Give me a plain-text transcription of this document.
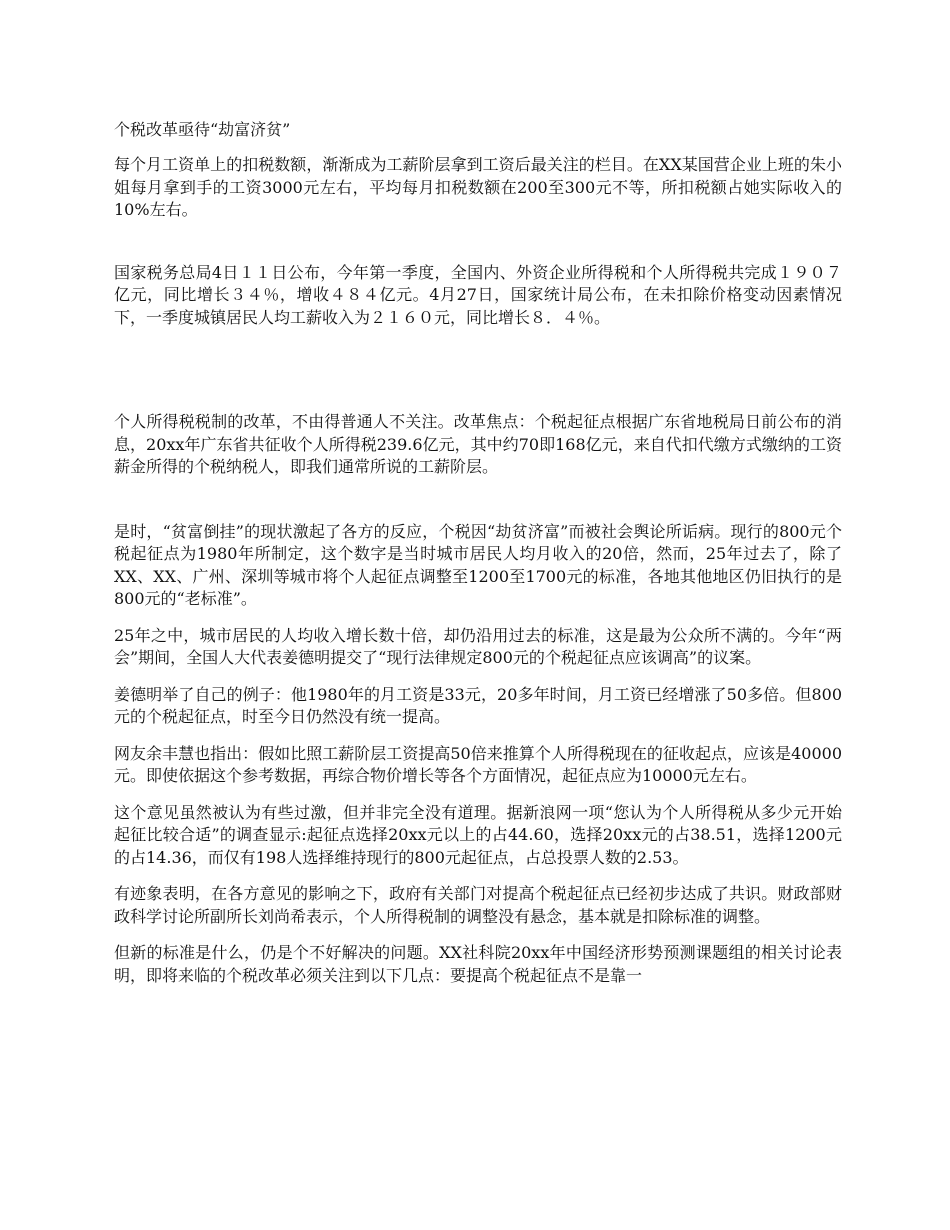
个税改革亟待“劫富济贫”

每个月工资单上的扣税数额，渐渐成为工薪阶层拿到工资后最关注的栏目。在XX某国营企业上班的朱小姐每月拿到手的工资3000元左右，平均每月扣税数额在200至300元不等，所扣税额占她实际收入的10%左右。

国家税务总局4日１１日公布，今年第一季度，全国内、外资企业所得税和个人所得税共完成１９０７亿元，同比增长３４％，增收４８４亿元。4月27日，国家统计局公布，在未扣除价格变动因素情况下，一季度城镇居民人均工薪收入为２１６０元，同比增长８．４％。

个人所得税税制的改革，不由得普通人不关注。改革焦点：个税起征点根据广东省地税局日前公布的消息，20xx年广东省共征收个人所得税239.6亿元，其中约70即168亿元，来自代扣代缴方式缴纳的工资薪金所得的个税纳税人，即我们通常所说的工薪阶层。

是时，“贫富倒挂”的现状激起了各方的反应，个税因“劫贫济富”而被社会舆论所诟病。现行的800元个税起征点为1980年所制定，这个数字是当时城市居民人均月收入的20倍，然而，25年过去了，除了XX、XX、广州、深圳等城市将个人起征点调整至1200至1700元的标准，各地其他地区仍旧执行的是800元的“老标准”。

25年之中，城市居民的人均收入增长数十倍，却仍沿用过去的标准，这是最为公众所不满的。今年“两会”期间，全国人大代表姜德明提交了“现行法律规定800元的个税起征点应该调高”的议案。

姜德明举了自己的例子：他1980年的月工资是33元，20多年时间，月工资已经增涨了50多倍。但800元的个税起征点，时至今日仍然没有统一提高。

网友余丰慧也指出：假如比照工薪阶层工资提高50倍来推算个人所得税现在的征收起点，应该是40000元。即使依据这个参考数据，再综合物价增长等各个方面情况，起征点应为10000元左右。

这个意见虽然被认为有些过激，但并非完全没有道理。据新浪网一项“您认为个人所得税从多少元开始起征比较合适”的调查显示:起征点选择20xx元以上的占44.60，选择20xx元的占38.51，选择1200元的占14.36，而仅有198人选择维持现行的800元起征点，占总投票人数的2.53。

有迹象表明，在各方意见的影响之下，政府有关部门对提高个税起征点已经初步达成了共识。财政部财政科学讨论所副所长刘尚希表示，个人所得税制的调整没有悬念，基本就是扣除标准的调整。

但新的标准是什么，仍是个不好解决的问题。XX社科院20xx年中国经济形势预测课题组的相关讨论表明，即将来临的个税改革必须关注到以下几点：要提高个税起征点不是靠一
